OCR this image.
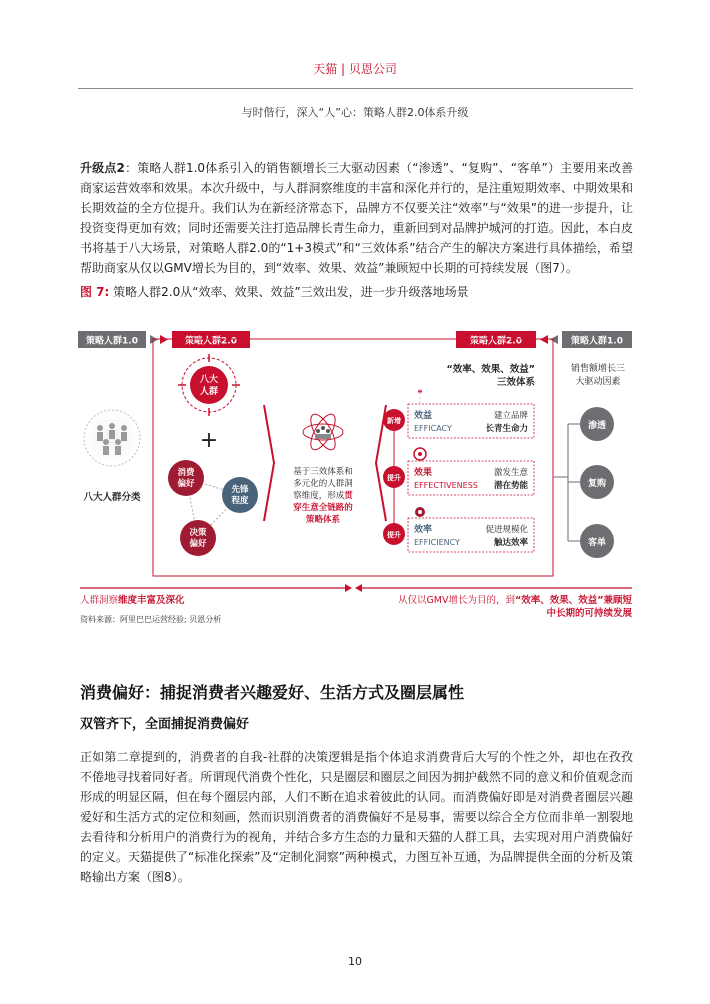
天猫 | 贝恩公司
与时偕行，深入“人”心：策略人群2.0体系升级

升级点2：策略人群1.0体系引入的销售额增长三大驱动因素（“渗透”、“复购”、“客单”）主要用来改善商家运营效率和效果。本次升级中，与人群洞察维度的丰富和深化并行的，是注重短期效率、中期效果和长期效益的全方位提升。我们认为在新经济常态下，品牌方不仅要关注“效率”与“效果”的进一步提升，让投资变得更加有效；同时还需要关注打造品牌长青生命力，重新回到对品牌护城河的打造。因此，本白皮书将基于八大场景，对策略人群2.0的“1+3模式”和“三效体系”结合产生的解决方案进行具体描绘，希望帮助商家从仅以GMV增长为目的，到“效率、效果、效益”兼顾短中长期的可持续发展（图7）。

图 7: 策略人群2.0从“效率、效果、效益”三效出发，进一步升级落地场景
策略人群1.0	策略人群2.0	策略人群2.0	策略人群1.0
八大人群分类
八大
人群
+
消费
偏好
先锋
程度
决策
偏好
基于三效体系和
多元化的人群洞
察维度，形成贯
穿生意全链路的
策略体系
“效率、效果、效益”
三效体系
新增 效益
EFFICACY
建立品牌
长青生命力
❝
提升 效果
EFFECTIVENESS
激发生意
潜在势能
提升 效率
EFFICIENCY
促进规模化
触达效率
销售额增长三
大驱动因素
渗透
复购
客单
人群洞察维度丰富及深化	从仅以GMV增长为目的，到“效率、效果、效益”兼顾短
中长期的可持续发展
资料来源：阿里巴巴运营经验; 贝恩分析
消费偏好：捕捉消费者兴趣爱好、生活方式及圈层属性
双管齐下，全面捕捉消费偏好

正如第二章提到的，消费者的自我-社群的决策逻辑是指个体追求消费背后大写的个性之外，却也在孜孜不倦地寻找着同好者。所谓现代消费个性化，只是圈层和圈层之间因为拥护截然不同的意义和价值观念而形成的明显区隔，但在每个圈层内部，人们不断在追求着彼此的认同。而消费偏好即是对消费者圈层兴趣爱好和生活方式的定位和刻画，然而识别消费者的消费偏好不是易事，需要以综合全方位而非单一割裂地去看待和分析用户的消费行为的视角，并结合多方生态的力量和天猫的人群工具，去实现对用户消费偏好的定义。天猫提供了“标准化探索”及“定制化洞察”两种模式，力图互补互通，为品牌提供全面的分析及策略输出方案（图8）。

10
